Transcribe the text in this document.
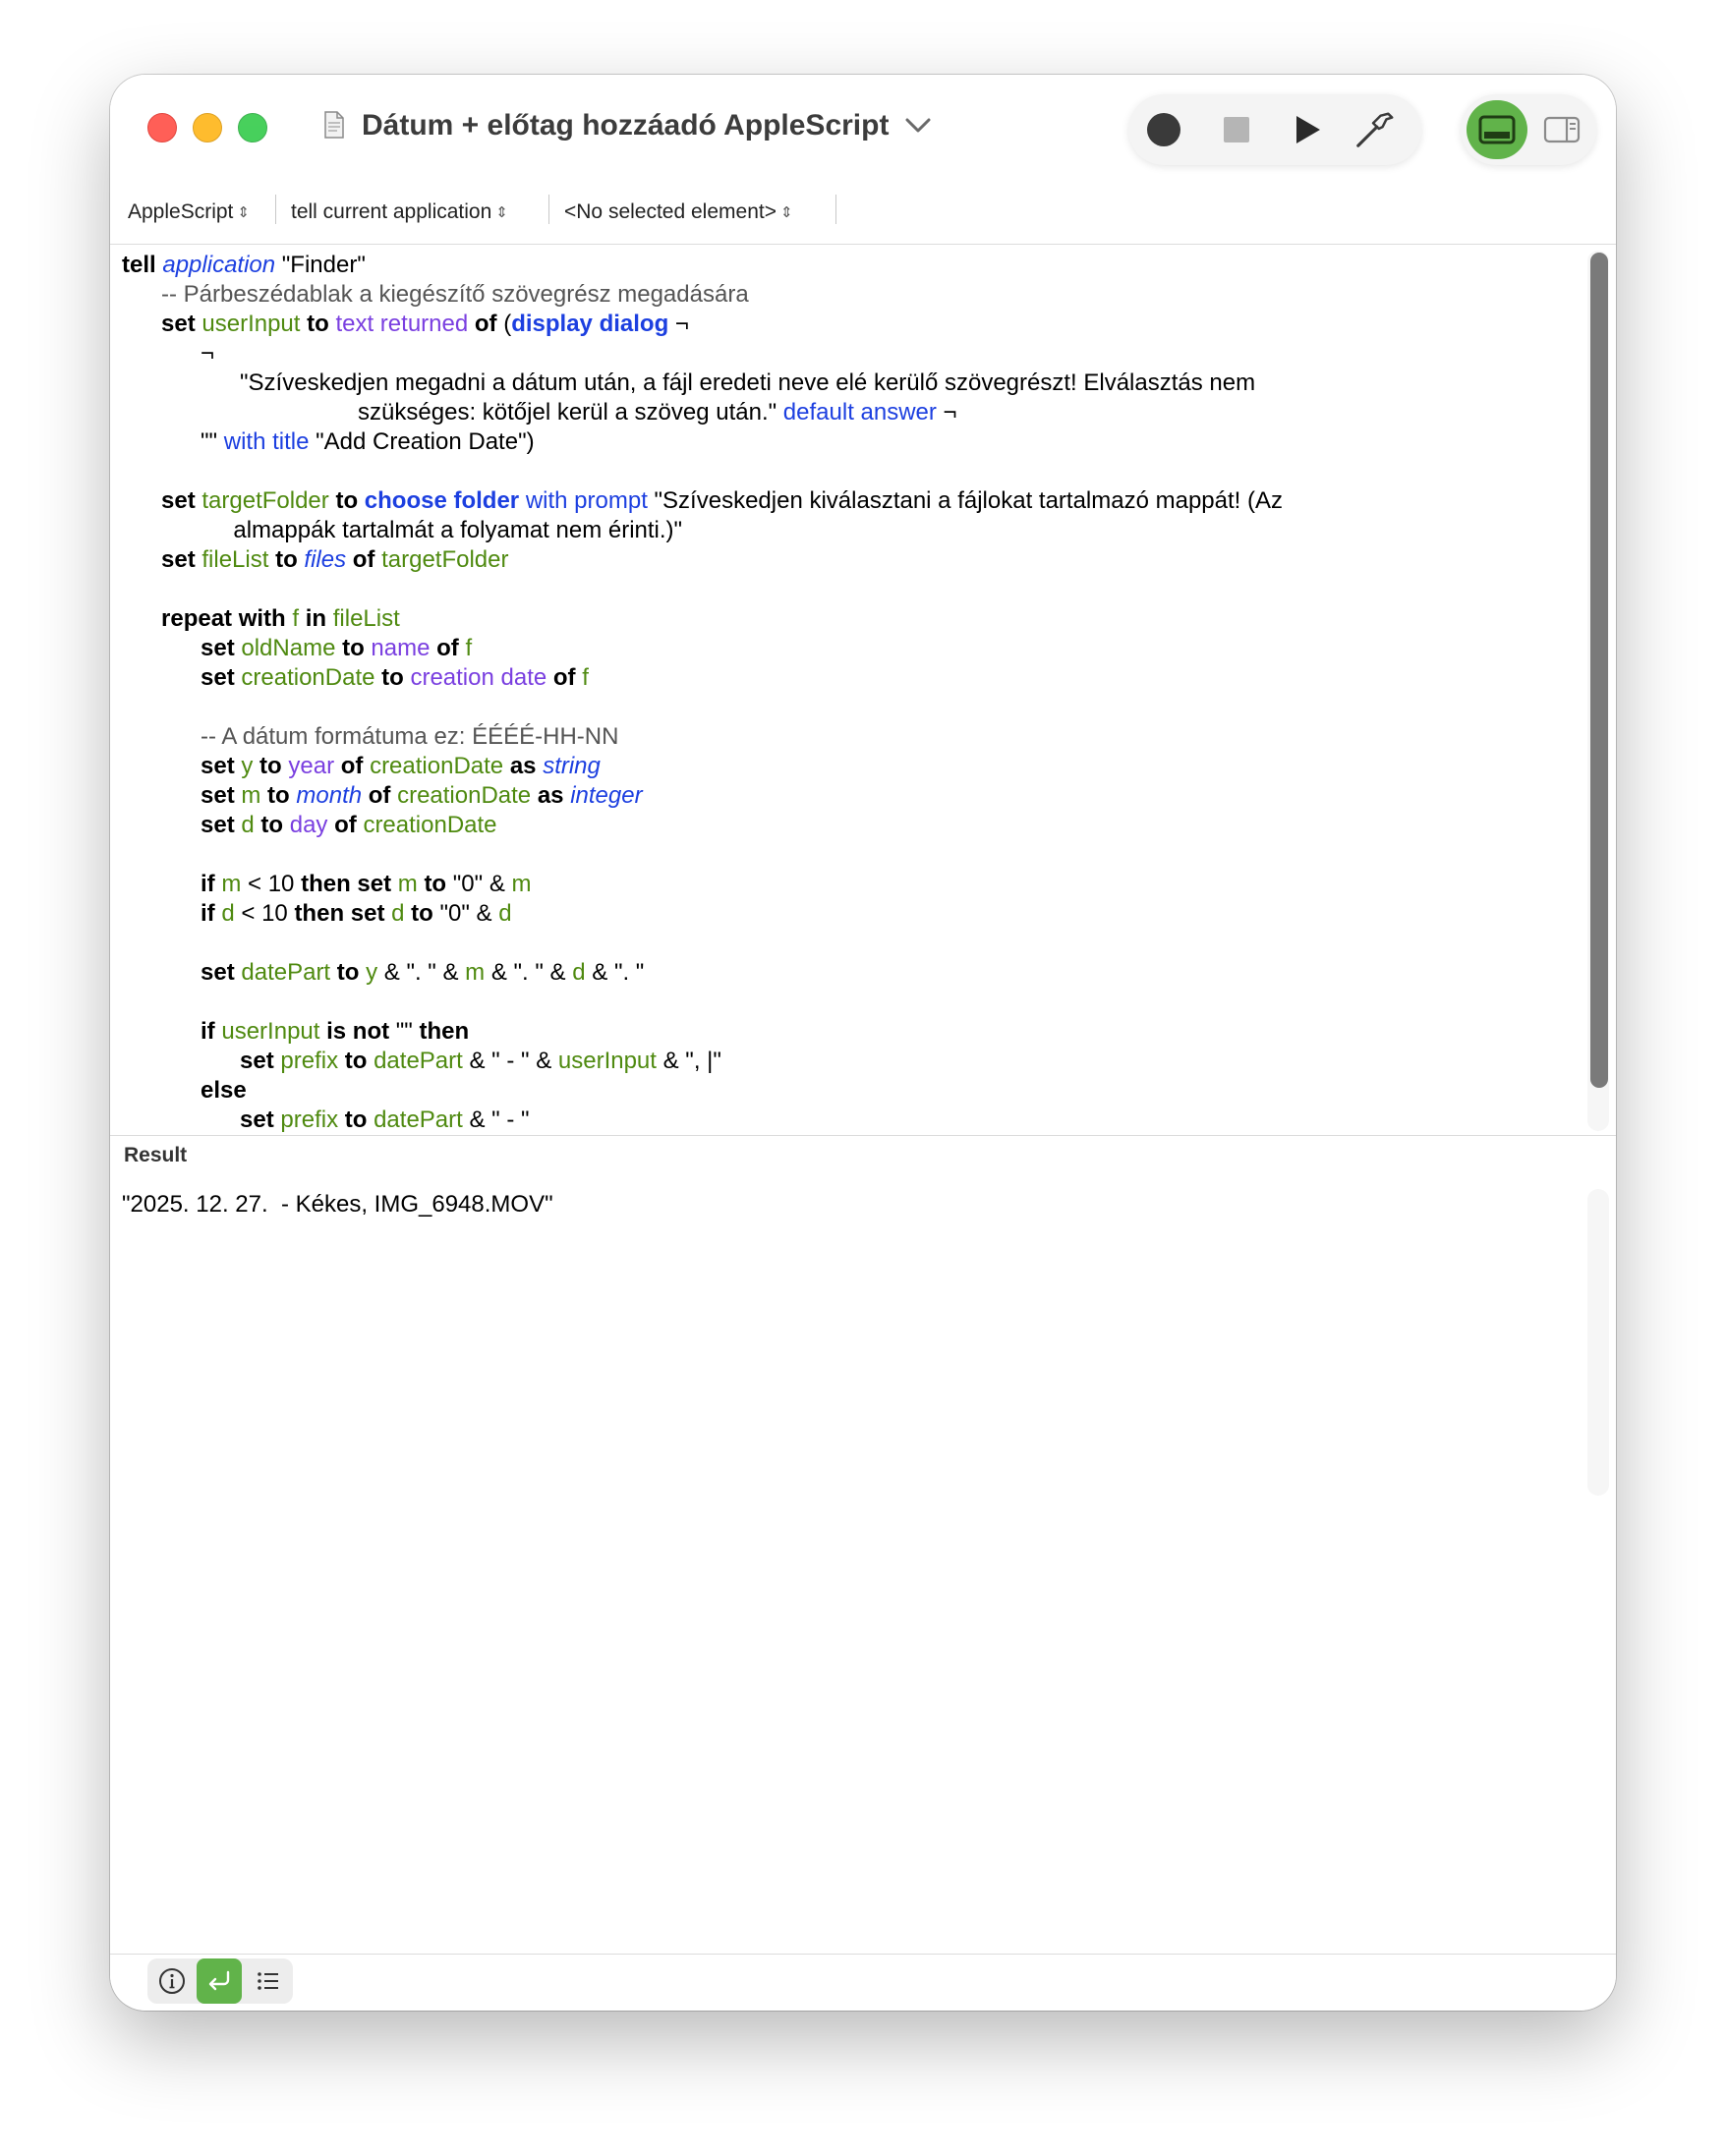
Dátum + előtag hozzáadó AppleScript
AppleScript ⇕ tell current application ⇕	<No selected element> ⇕
tell application "Finder"
-- Párbeszédablak a kiegészítő szövegrész megadására
set userInput to text returned of (display dialog ¬
¬
"Szíveskedjen megadni a dátum után, a fájl eredeti neve elé kerülő szövegrészt! Elválasztás nem
szükséges: kötőjel kerül a szöveg után." default answer ¬
"" with title "Add Creation Date")

set targetFolder to choose folder with prompt "Szíveskedjen kiválasztani a fájlokat tartalmazó mappát! (Az
almappák tartalmát a folyamat nem érinti.)"
set fileList to files of targetFolder

repeat with f in fileList
set oldName to name of f
set creationDate to creation date of f

-- A dátum formátuma ez: ÉÉÉÉ-HH-NN
set y to year of creationDate as string
set m to month of creationDate as integer
set d to day of creationDate

if m < 10 then set m to "0" & m
if d < 10 then set d to "0" & d

set datePart to y & ". " & m & ". " & d & ". "

if userInput is not "" then
set prefix to datePart & " - " & userInput & ", |"
else
set prefix to datePart & " - "

Result
"2025. 12. 27.  - Kékes, IMG_6948.MOV"
